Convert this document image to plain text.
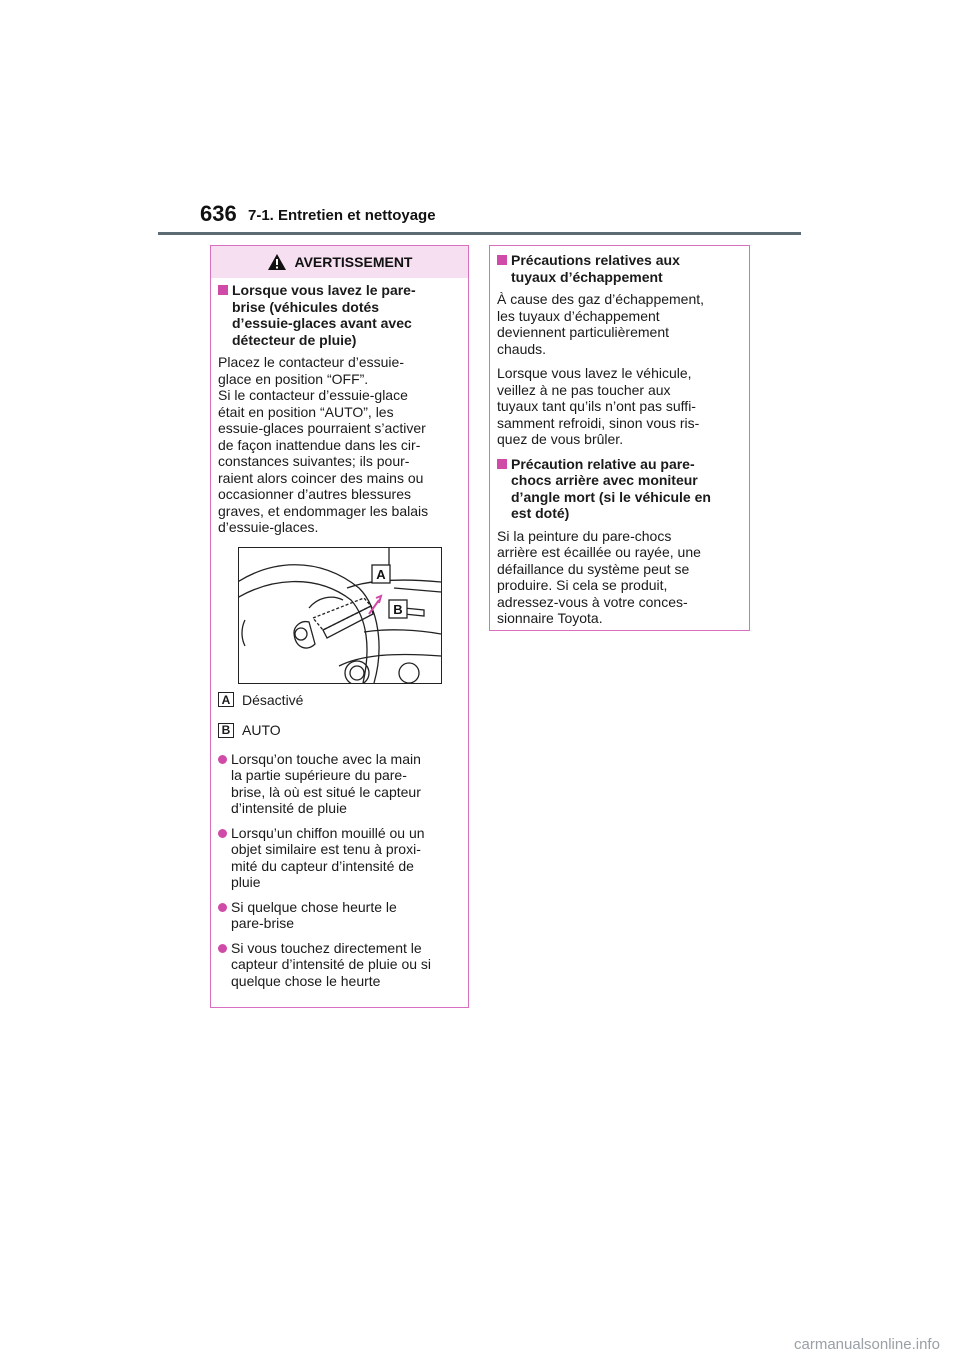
636 7-1. Entretien et nettoyage
AVERTISSEMENT
Lorsque vous lavez le pare-
brise (véhicules dotés
d’essuie-glaces avant avec
détecteur de pluie)

Placez le contacteur d’essuie-
glace en position “OFF”.
Si le contacteur d’essuie-glace
était en position “AUTO”, les
essuie-glaces pourraient s’activer
de façon inattendue dans les cir-
constances suivantes; ils pour-
raient alors coincer des mains ou
occasionner d’autres blessures
graves, et endommager les balais
d’essuie-glaces.

A
B
A Désactivé
B AUTO
Lorsqu’on touche avec la main
la partie supérieure du pare-
brise, là où est situé le capteur
d’intensité de pluie
Lorsqu’un chiffon mouillé ou un
objet similaire est tenu à proxi-
mité du capteur d’intensité de
pluie
Si quelque chose heurte le
pare-brise
Si vous touchez directement le
capteur d’intensité de pluie ou si
quelque chose le heurte
Précautions relatives aux
tuyaux d’échappement

À cause des gaz d’échappement,
les tuyaux d’échappement
deviennent particulièrement
chauds.

Lorsque vous lavez le véhicule,
veillez à ne pas toucher aux
tuyaux tant qu’ils n’ont pas suffi-
samment refroidi, sinon vous ris-
quez de vous brûler.

Précaution relative au pare-
chocs arrière avec moniteur
d’angle mort (si le véhicule en
est doté)

Si la peinture du pare-chocs
arrière est écaillée ou rayée, une
défaillance du système peut se
produire. Si cela se produit,
adressez-vous à votre conces-
sionnaire Toyota.

carmanualsonline.info
